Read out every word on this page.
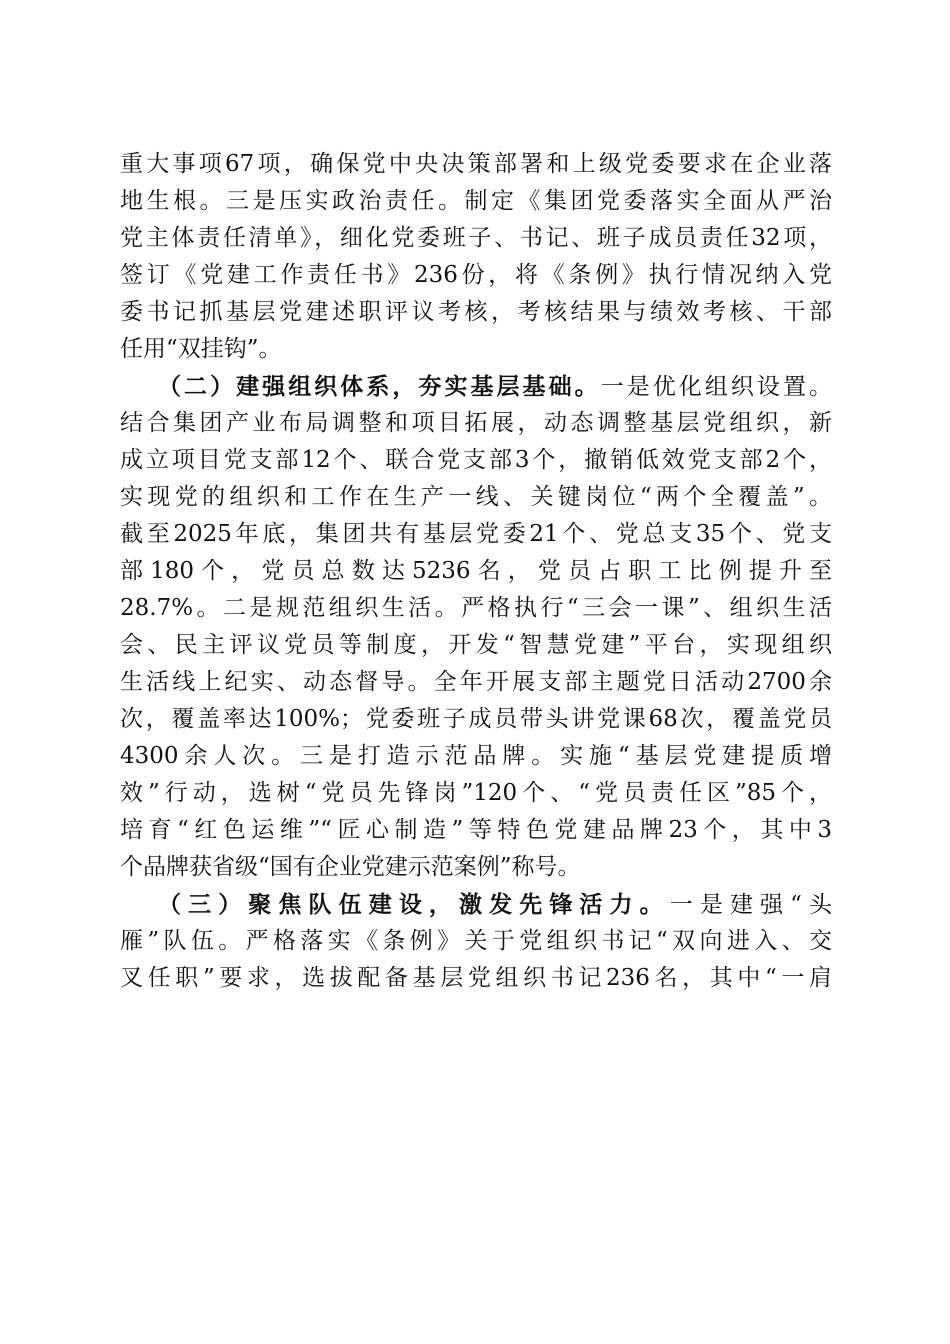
重大事项67项，确保党中央决策部署和上级党委要求在企业落
地生根。三是压实政治责任。制定《集团党委落实全面从严治
党主体责任清单》，细化党委班子、书记、班子成员责任32项，
签订《党建工作责任书》236份，将《条例》执行情况纳入党
委书记抓基层党建述职评议考核，考核结果与绩效考核、干部
任用“双挂钩”。
（二）建强组织体系，夯实基层基础。一是优化组织设置。
结合集团产业布局调整和项目拓展，动态调整基层党组织，新
成立项目党支部12个、联合党支部3个，撤销低效党支部2个，
实现党的组织和工作在生产一线、关键岗位“两个全覆盖”。
截至2025年底，集团共有基层党委21个、党总支35个、党支
部180个，党员总数达5236名，党员占职工比例提升至
28.7%。二是规范组织生活。严格执行“三会一课”、组织生活
会、民主评议党员等制度，开发“智慧党建”平台，实现组织
生活线上纪实、动态督导。全年开展支部主题党日活动2700余
次，覆盖率达100%；党委班子成员带头讲党课68次，覆盖党员
4300余人次。三是打造示范品牌。实施“基层党建提质增
效”行动，选树“党员先锋岗”120个、“党员责任区”85个，
培育“红色运维”“匠心制造”等特色党建品牌23个，其中3
个品牌获省级“国有企业党建示范案例”称号。
（三）聚焦队伍建设，激发先锋活力。一是建强“头
雁”队伍。严格落实《条例》关于党组织书记“双向进入、交
叉任职”要求，选拔配备基层党组织书记236名，其中“一肩
